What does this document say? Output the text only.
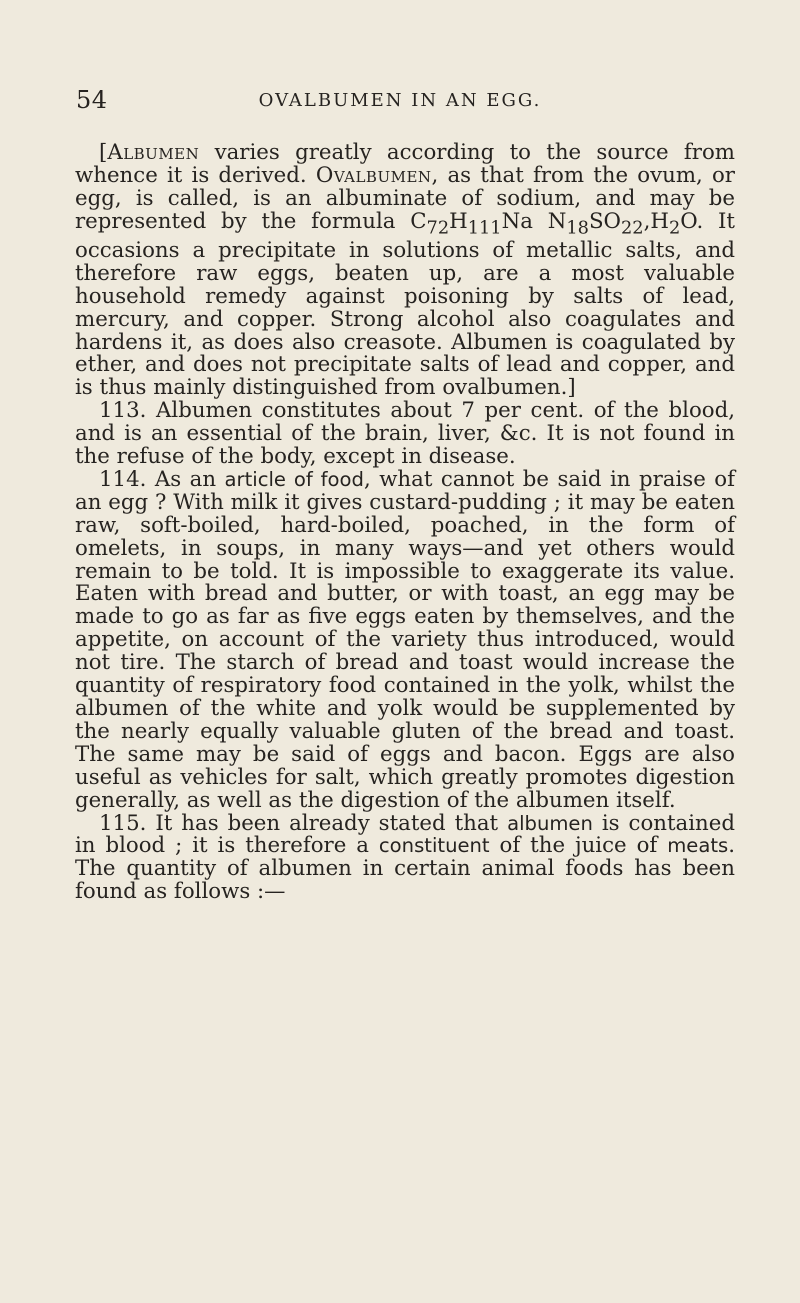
54	OVALBUMEN IN AN EGG.

[Albumen varies greatly according to the source from whence it is derived. Ovalbumen, as that from the ovum, or egg, is called, is an albuminate of sodium, and may be represented by the formula $C_{72}H_{111}Na$ $N_{18}SO_{22},H_2O$. It occasions a precipitate in solutions of metallic salts, and therefore raw eggs, beaten up, are a most valuable household remedy against poisoning by salts of lead, mercury, and copper. Strong alcohol also coagulates and hardens it, as does also creasote. Albumen is coagulated by ether, and does not precipitate salts of lead and copper, and is thus mainly distinguished from ovalbumen.]

113. Albumen constitutes about 7 per cent. of the blood, and is an essential of the brain, liver, &c. It is not found in the refuse of the body, except in disease.

114. As an article of food, what cannot be said in praise of an egg ? With milk it gives custard-pudding ; it may be eaten raw, soft-boiled, hard-boiled, poached, in the form of omelets, in soups, in many ways—and yet others would remain to be told. It is impossible to exaggerate its value. Eaten with bread and butter, or with toast, an egg may be made to go as far as five eggs eaten by themselves, and the appetite, on account of the variety thus introduced, would not tire. The starch of bread and toast would increase the quantity of respiratory food contained in the yolk, whilst the albumen of the white and yolk would be supplemented by the nearly equally valuable gluten of the bread and toast. The same may be said of eggs and bacon. Eggs are also useful as vehicles for salt, which greatly promotes digestion generally, as well as the digestion of the albumen itself.

115. It has been already stated that albumen is contained in blood ; it is therefore a constituent of the juice of meats. The quantity of albumen in certain animal foods has been found as follows :—
